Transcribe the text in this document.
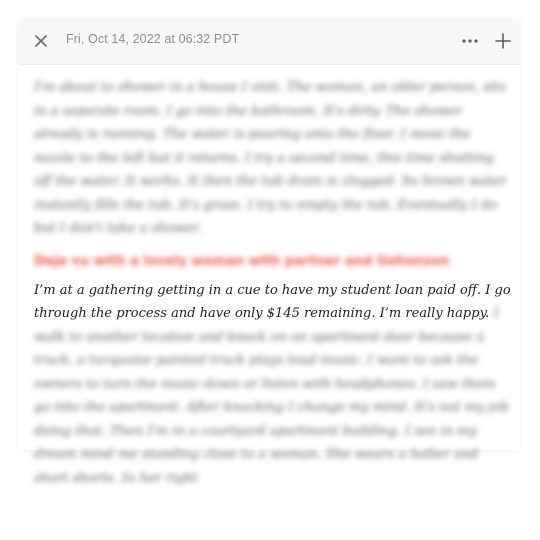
Fri, Oct 14, 2022 at 06:32 PDT

I'm about to shower in a house I visit. The woman, an older person, sits in a separate room. I go into the bathroom. It's dirty. The shower already is running. The water is pouring onto the floor. I move the nozzle to the left but it returns. I try a second time, this time shutting off the water. It works. It then the tub drain is clogged. So brown water instantly fills the tub. It's gross. I try to empty the tub. Eventually I do but I don't take a shower.

Deja vu with a lovely woman with partner and Gohonzon

I’m at a gathering getting in a cue to have my student loan paid off. I go through the process and have only $145 remaining. I’m really happy. I walk to another location and knock on an apartment door because a truck, a turquoise painted truck plays loud music. I want to ask the owners to turn the music down or listen with headphones. I saw them go into the apartment. After knocking I change my mind. It's not my job doing that. Then I'm in a courtyard apartment building. I see in my dream mind me standing close to a woman. She wears a halter and short shorts. In her right
